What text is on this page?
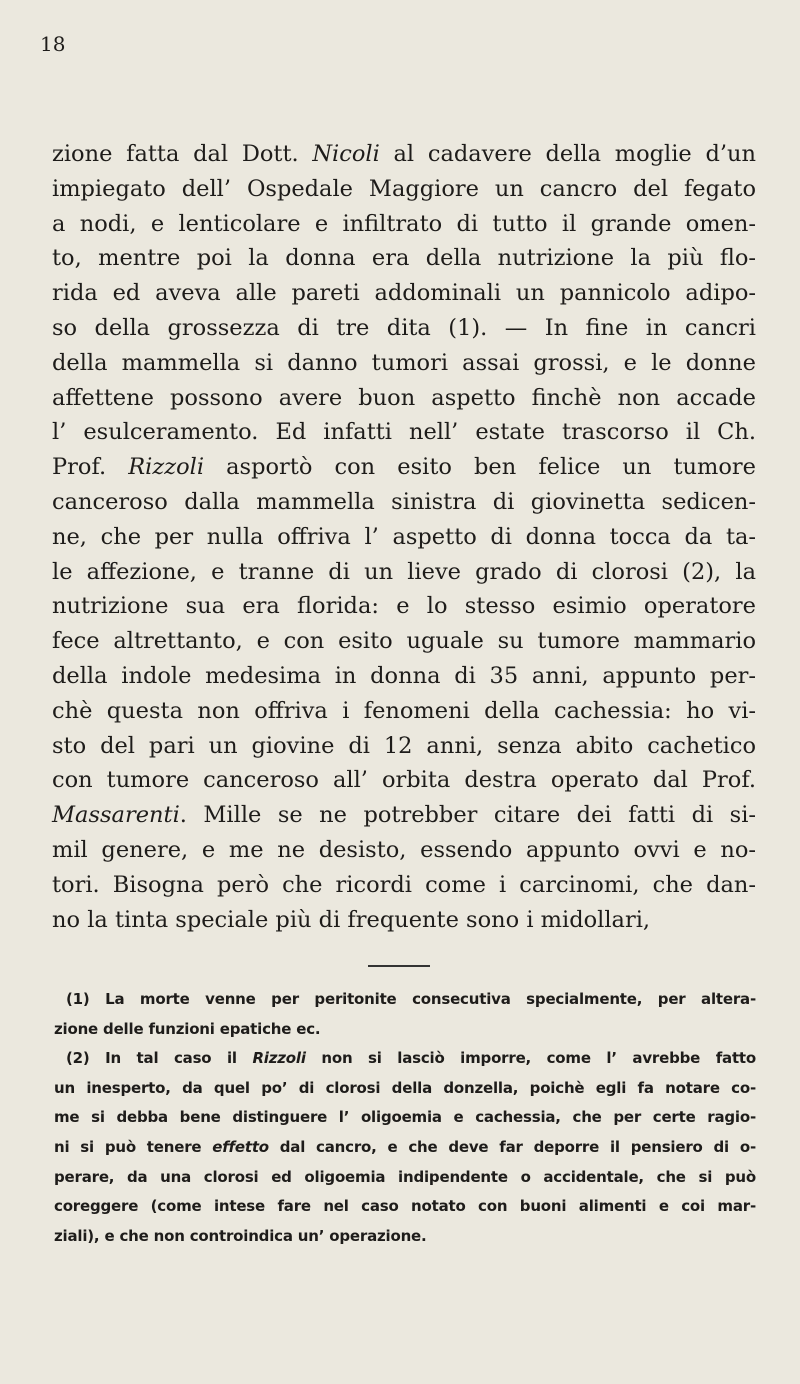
18
zione fatta dal Dott. Nicoli al cadavere della moglie d’un
impiegato dell’ Ospedale Maggiore un cancro del fegato
a nodi, e lenticolare e infiltrato di tutto il grande omen-
to, mentre poi la donna era della nutrizione la più flo-
rida ed aveva alle pareti addominali un pannicolo adipo-
so della grossezza di tre dita (1). — In fine in cancri
della mammella si danno tumori assai grossi, e le donne
affettene possono avere buon aspetto finchè non accade
l’ esulceramento. Ed infatti nell’ estate trascorso il Ch.
Prof. Rizzoli asportò con esito ben felice un tumore
canceroso dalla mammella sinistra di giovinetta sedicen-
ne, che per nulla offriva l’ aspetto di donna tocca da ta-
le affezione, e tranne di un lieve grado di clorosi (2), la
nutrizione sua era florida: e lo stesso esimio operatore
fece altrettanto, e con esito uguale su tumore mammario
della indole medesima in donna di 35 anni, appunto per-
chè questa non offriva i fenomeni della cachessia: ho vi-
sto del pari un giovine di 12 anni, senza abito cachetico
con tumore canceroso all’ orbita destra operato dal Prof.
Massarenti. Mille se ne potrebber citare dei fatti di si-
mil genere, e me ne desisto, essendo appunto ovvi e no-
tori. Bisogna però che ricordi come i carcinomi, che dan-
no la tinta speciale più di frequente sono i midollari,
(1) La morte venne per peritonite consecutiva specialmente, per altera-
zione delle funzioni epatiche ec.
(2) In tal caso il Rizzoli non si lasciò imporre, come l’ avrebbe fatto
un inesperto, da quel po’ di clorosi della donzella, poichè egli fa notare co-
me si debba bene distinguere l’ oligoemia e cachessia, che per certe ragio-
ni si può tenere effetto dal cancro, e che deve far deporre il pensiero di o-
perare, da una clorosi ed oligoemia indipendente o accidentale, che si può
coreggere (come intese fare nel caso notato con buoni alimenti e coi mar-
ziali), e che non controindica un’ operazione.
